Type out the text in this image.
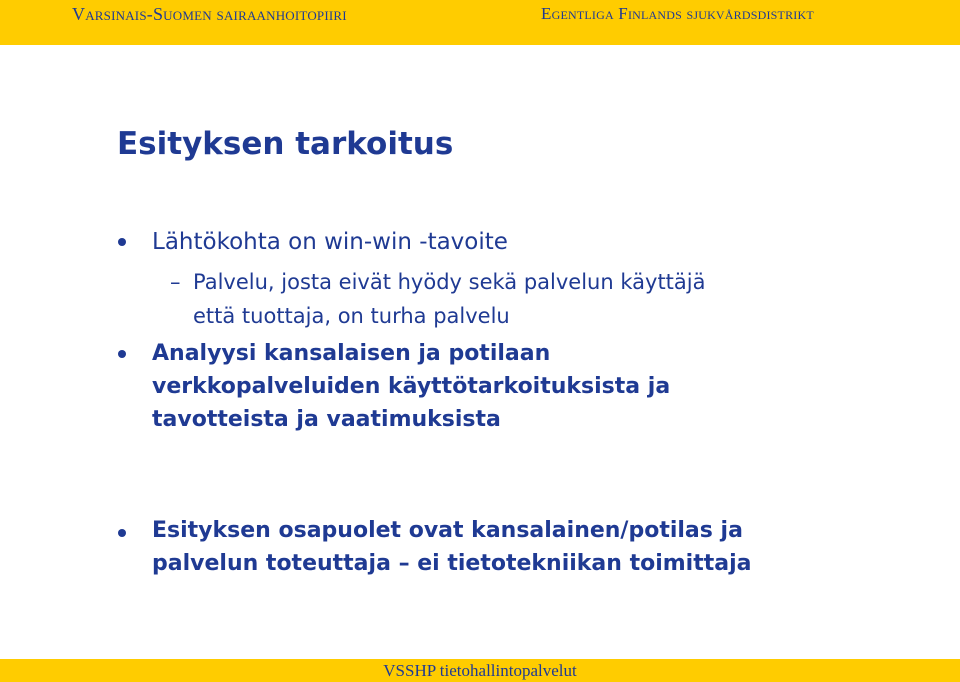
Varsinais-Suomen sairaanhoitopiiri	Egentliga Finlands sjukvårdsdistrikt
Esityksen tarkoitus
Lähtökohta on win-win -tavoite
– Palvelu, josta eivät hyödy sekä palvelun käyttäjä
että tuottaja, on turha palvelu
Analyysi kansalaisen ja potilaan
verkkopalveluiden käyttötarkoituksista ja
tavotteista ja vaatimuksista
Esityksen osapuolet ovat kansalainen/potilas ja
palvelun toteuttaja – ei tietotekniikan toimittaja
VSSHP tietohallintopalvelut
